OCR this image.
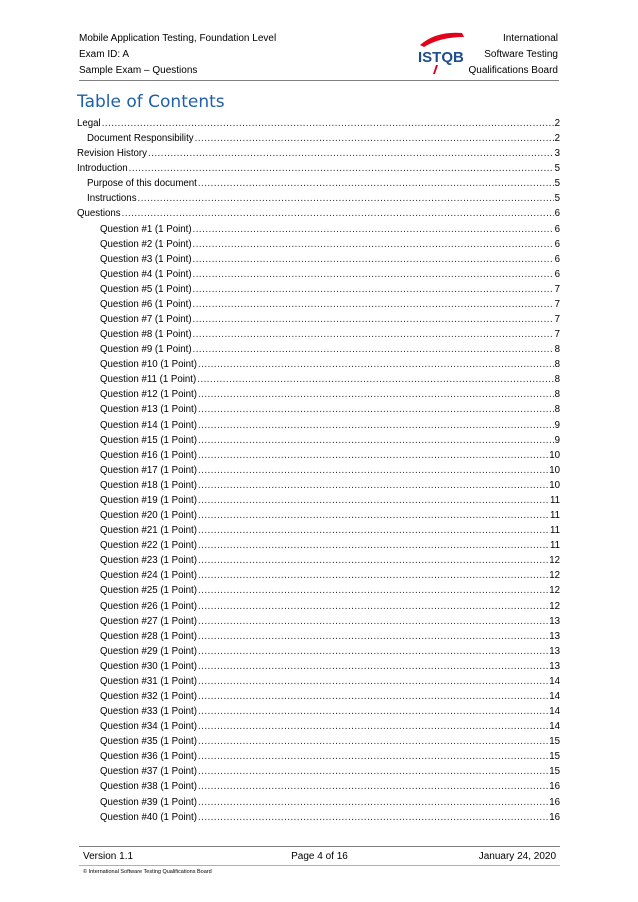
Mobile Application Testing, Foundation Level
Exam ID: A
Sample Exam – Questions
ISTQB
International
Software Testing
Qualifications Board
Table of Contents
Legal .....	2
Document Responsibility .....	2
Revision History .....	3
Introduction .....	5
Purpose of this document .....	5
Instructions .....	5
Questions .....	6
Question #1 (1 Point) .....	6
Question #2 (1 Point) .....	6
Question #3 (1 Point) .....	6
Question #4 (1 Point) .....	6
Question #5 (1 Point) .....	7
Question #6 (1 Point) .....	7
Question #7 (1 Point) .....	7
Question #8 (1 Point) .....	7
Question #9 (1 Point) .....	8
Question #10 (1 Point) .....	8
Question #11 (1 Point) .....	8
Question #12 (1 Point) .....	8
Question #13 (1 Point) .....	8
Question #14 (1 Point) .....	9
Question #15 (1 Point) .....	9
Question #16 (1 Point) .....	10
Question #17 (1 Point) .....	10
Question #18 (1 Point) .....	10
Question #19 (1 Point) .....	11
Question #20 (1 Point) .....	11
Question #21 (1 Point) .....	11
Question #22 (1 Point) .....	11
Question #23 (1 Point) .....	12
Question #24 (1 Point) .....	12
Question #25 (1 Point) .....	12
Question #26 (1 Point) .....	12
Question #27 (1 Point) .....	13
Question #28 (1 Point) .....	13
Question #29 (1 Point) .....	13
Question #30 (1 Point) .....	13
Question #31 (1 Point) .....	14
Question #32 (1 Point) .....	14
Question #33 (1 Point) .....	14
Question #34 (1 Point) .....	14
Question #35 (1 Point) .....	15
Question #36 (1 Point) .....	15
Question #37 (1 Point) .....	15
Question #38 (1 Point) .....	16
Question #39 (1 Point) .....	16
Question #40 (1 Point) .....	16
Version 1.1	Page 4 of 16	January 24, 2020
© International Software Testing Qualifications Board
